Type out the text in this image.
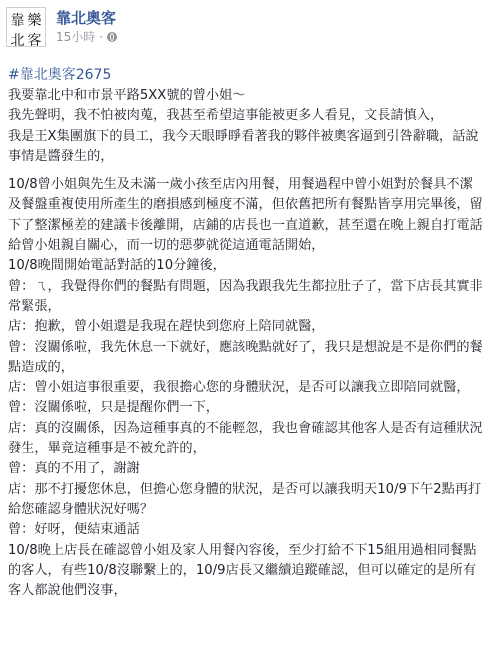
靠 樂
北 客
靠北奧客
15小時 ·
#靠北奧客2675

我要靠北中和市景平路5XX號的曾小姐～

我先聲明，我不怕被肉蒐，我甚至希望這事能被更多人看見，文長請慎入，

我是王X集團旗下的員工，我今天眼睜睜看著我的夥伴被奧客逼到引咎辭職，話說事情是醬發生的，

10/8曾小姐與先生及未滿一歲小孩至店內用餐，用餐過程中曾小姐對於餐具不潔及餐盤重複使用所產生的磨損感到極度不滿，但依舊把所有餐點皆享用完畢後，留下了整潔極差的建議卡後離開，店鋪的店長也一直道歉，甚至還在晚上親自打電話給曾小姐親自關心，而一切的惡夢就從這通電話開始，

10/8晚間開始電話對話的10分鐘後，

曾：ㄟ，我覺得你們的餐點有問題，因為我跟我先生都拉肚子了，當下店長其實非常緊張，

店：抱歉，曾小姐還是我現在趕快到您府上陪同就醫，

曾：沒關係啦，我先休息一下就好，應該晚點就好了，我只是想說是不是你們的餐點造成的，

店：曾小姐這事很重要，我很擔心您的身體狀況，是否可以讓我立即陪同就醫，

曾：沒關係啦，只是提醒你們一下，

店：真的沒關係，因為這種事真的不能輕忽，我也會確認其他客人是否有這種狀況發生，畢竟這種事是不被允許的，

曾：真的不用了，謝謝

店：那不打擾您休息，但擔心您身體的狀況，是否可以讓我明天10/9下午2點再打給您確認身體狀況好嗎？

曾：好呀，便結束通話

10/8晚上店長在確認曾小姐及家人用餐內容後，至少打給不下15組用過相同餐點的客人，有些10/8沒聯繫上的，10/9店長又繼續追蹤確認，但可以確定的是所有客人都說他們沒事，
